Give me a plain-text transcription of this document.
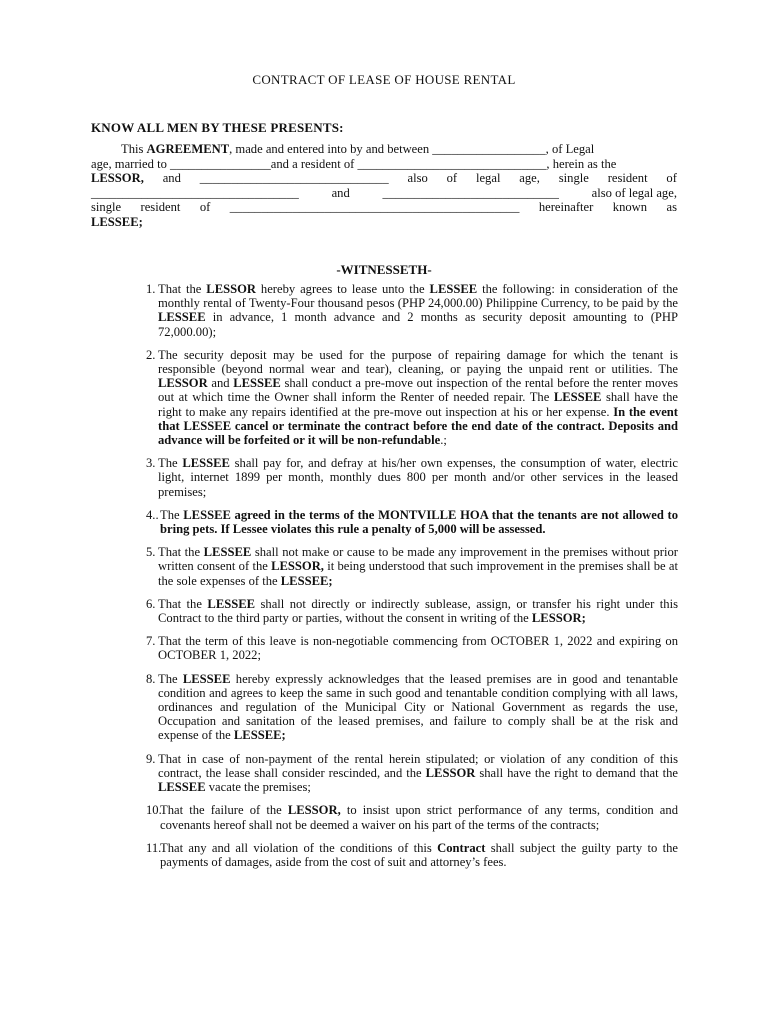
CONTRACT OF LEASE OF HOUSE RENTAL
KNOW ALL MEN BY THESE PRESENTS:
This AGREEMENT, made and entered into by and between __________________, of Legal
age, married to ________________and a resident of ______________________________, herein as the
LESSOR, and ______________________________ also of legal age, single resident of
_________________________________	and	____________________________	also of legal age,
single resident of ______________________________________________ hereinafter known as
LESSEE;
-WITNESSETH-
1. That the LESSOR hereby agrees to lease unto the LESSEE the following: in consideration of the monthly rental of Twenty-Four thousand pesos (PHP 24,000.00) Philippine Currency, to be paid by the LESSEE in advance, 1 month advance and 2 months as security deposit amounting to (PHP 72,000.00);
2. The security deposit may be used for the purpose of repairing damage for which the tenant is responsible (beyond normal wear and tear), cleaning, or paying the unpaid rent or utilities. The LESSOR and LESSEE shall conduct a pre-move out inspection of the rental before the renter moves out at which time the Owner shall inform the Renter of needed repair. The LESSEE shall have the right to make any repairs identified at the pre-move out inspection at his or her expense. In the event that LESSEE cancel or terminate the contract before the end date of the contract. Deposits and advance will be forfeited or it will be non-refundable.;
3. The LESSEE shall pay for, and defray at his/her own expenses, the consumption of water, electric light, internet 1899 per month, monthly dues 800 per month and/or other services in the leased premises;
4.. The LESSEE agreed in the terms of the MONTVILLE HOA that the tenants are not allowed to bring pets. If Lessee violates this rule a penalty of 5,000 will be assessed.
5. That the LESSEE shall not make or cause to be made any improvement in the premises without prior written consent of the LESSOR, it being understood that such improvement in the premises shall be at the sole expenses of the LESSEE;
6. That the LESSEE shall not directly or indirectly sublease, assign, or transfer his right under this Contract to the third party or parties, without the consent in writing of the LESSOR;
7. That the term of this leave is non-negotiable commencing from OCTOBER 1, 2022 and expiring on OCTOBER 1, 2022;
8. The LESSEE hereby expressly acknowledges that the leased premises are in good and tenantable condition and agrees to keep the same in such good and tenantable condition complying with all laws, ordinances and regulation of the Municipal City or National Government as regards the use, Occupation and sanitation of the leased premises, and failure to comply shall be at the risk and expense of the LESSEE;
9. That in case of non-payment of the rental herein stipulated; or violation of any condition of this contract, the lease shall consider rescinded, and the LESSOR shall have the right to demand that the LESSEE vacate the premises;
10.
That the failure of the LESSOR, to insist upon strict performance of any terms, condition and covenants hereof shall not be deemed a waiver on his part of the terms of the contracts;
11.
That any and all violation of the conditions of this Contract shall subject the guilty party to the payments of damages, aside from the cost of suit and attorney’s fees.
